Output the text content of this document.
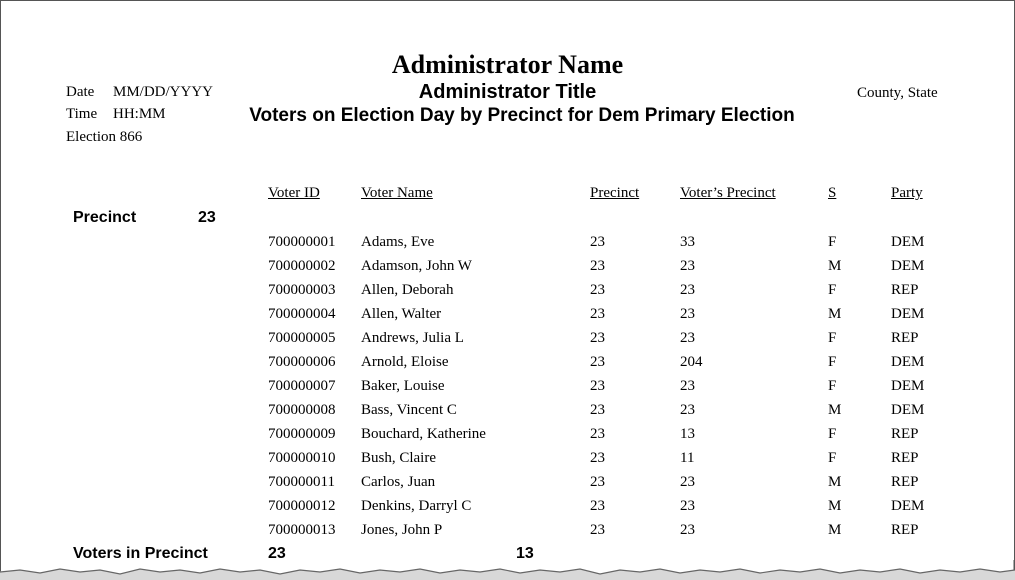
Administrator Name
Administrator Title
Voters on Election Day by Precinct for Dem Primary Election
Date MM/DD/YYYY
Time HH:MM
Election 866
County, State
Voter ID	Voter Name	Precinct	Voter’s Precinct	S	Party
Precinct	23
700000001 Adams, Eve	23	33	F	DEM
700000002 Adamson, John W	23	23	M	DEM
700000003 Allen, Deborah	23	23	F	REP
700000004 Allen, Walter	23	23	M	DEM
700000005 Andrews, Julia L	23	23	F	REP
700000006 Arnold, Eloise	23	204	F	DEM
700000007 Baker, Louise	23	23	F	DEM
700000008 Bass, Vincent C	23	23	M	DEM
700000009 Bouchard, Katherine	23	13	F	REP
700000010 Bush, Claire	23	11	F	REP
700000011 Carlos, Juan	23	23	M	REP
700000012 Denkins, Darryl C	23	23	M	DEM
700000013 Jones, John P	23	23	M	REP
Voters in Precinct	23	13
